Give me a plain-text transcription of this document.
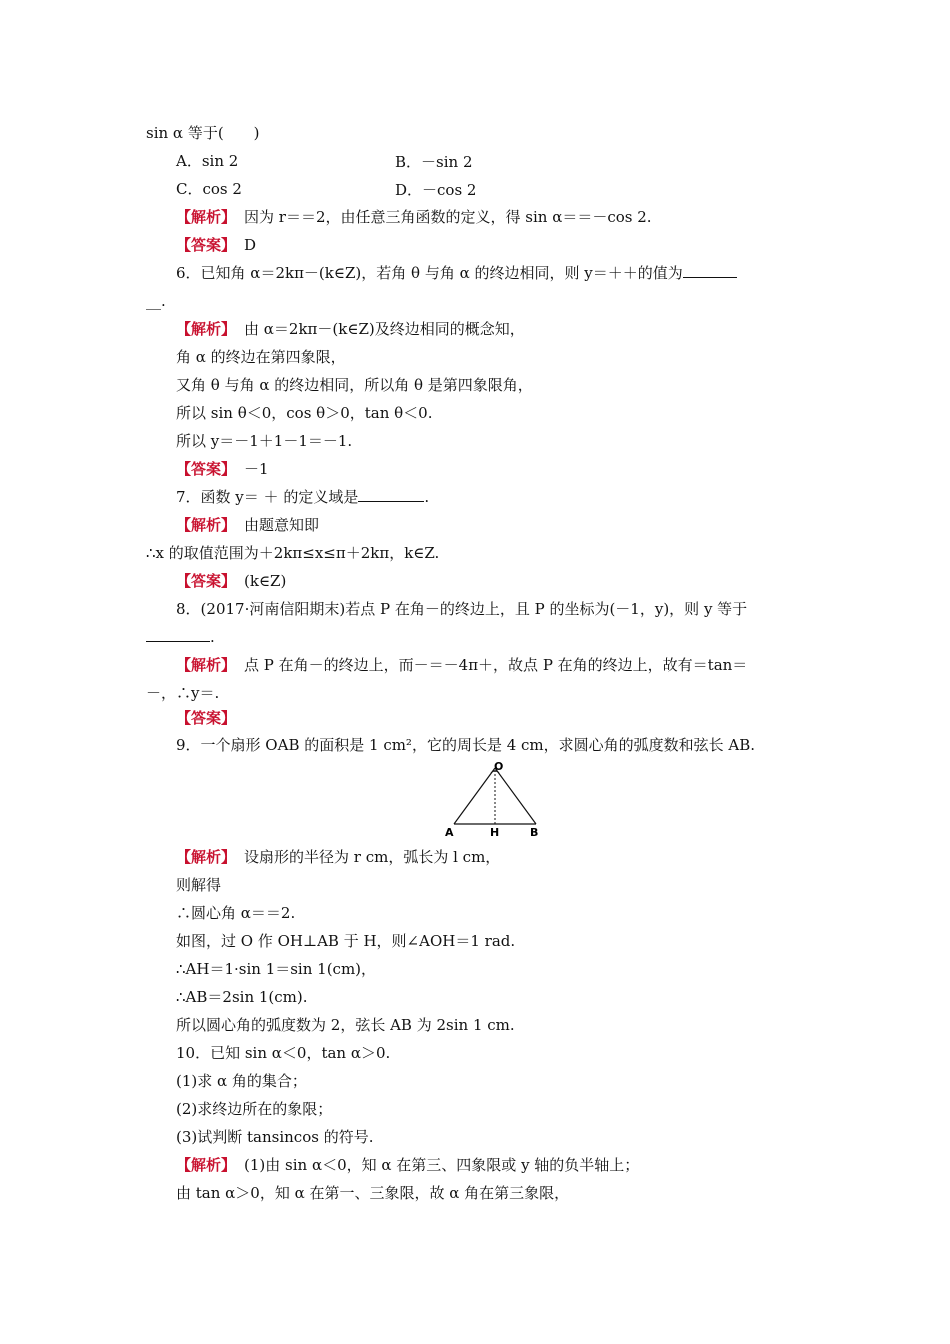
sin α 等于(　　)
A．sin 2	B．－sin 2
C．cos 2	D．－cos 2
【解析】 因为 r＝＝2，由任意三角函数的定义，得 sin α＝＝－cos 2.
【答案】 D
6．已知角 α＝2kπ－(k∈Z)，若角 θ 与角 α 的终边相同，则 y＝＋＋的值为
__.
【解析】 由 α＝2kπ－(k∈Z)及终边相同的概念知，
角 α 的终边在第四象限，
又角 θ 与角 α 的终边相同，所以角 θ 是第四象限角，
所以 sin θ＜0，cos θ＞0，tan θ＜0.
所以 y＝－1＋1－1＝－1.
【答案】 －1
7．函数 y＝ ＋ 的定义域是	.
【解析】 由题意知即
∴x 的取值范围为＋2kπ≤x≤π＋2kπ，k∈Z.
【答案】 (k∈Z)
8．(2017·河南信阳期末)若点 P 在角－的终边上，且 P 的坐标为(－1，y)，则 y 等于
.
【解析】 点 P 在角－的终边上，而－＝－4π＋，故点 P 在角的终边上，故有＝tan＝
－，∴y＝.
【答案】
9．一个扇形 OAB 的面积是 1 cm²，它的周长是 4 cm，求圆心角的弧度数和弦长 AB.
O
A	H	B
【解析】 设扇形的半径为 r cm，弧长为 l cm，
则解得
∴圆心角 α＝＝2.
如图，过 O 作 OH⊥AB 于 H，则∠AOH＝1 rad.
∴AH＝1·sin 1＝sin 1(cm)，
∴AB＝2sin 1(cm).
所以圆心角的弧度数为 2，弦长 AB 为 2sin 1 cm.
10．已知 sin α＜0，tan α＞0.
(1)求 α 角的集合；
(2)求终边所在的象限；
(3)试判断 tansincos 的符号.
【解析】 (1)由 sin α＜0，知 α 在第三、四象限或 y 轴的负半轴上；
由 tan α＞0，知 α 在第一、三象限，故 α 角在第三象限，
